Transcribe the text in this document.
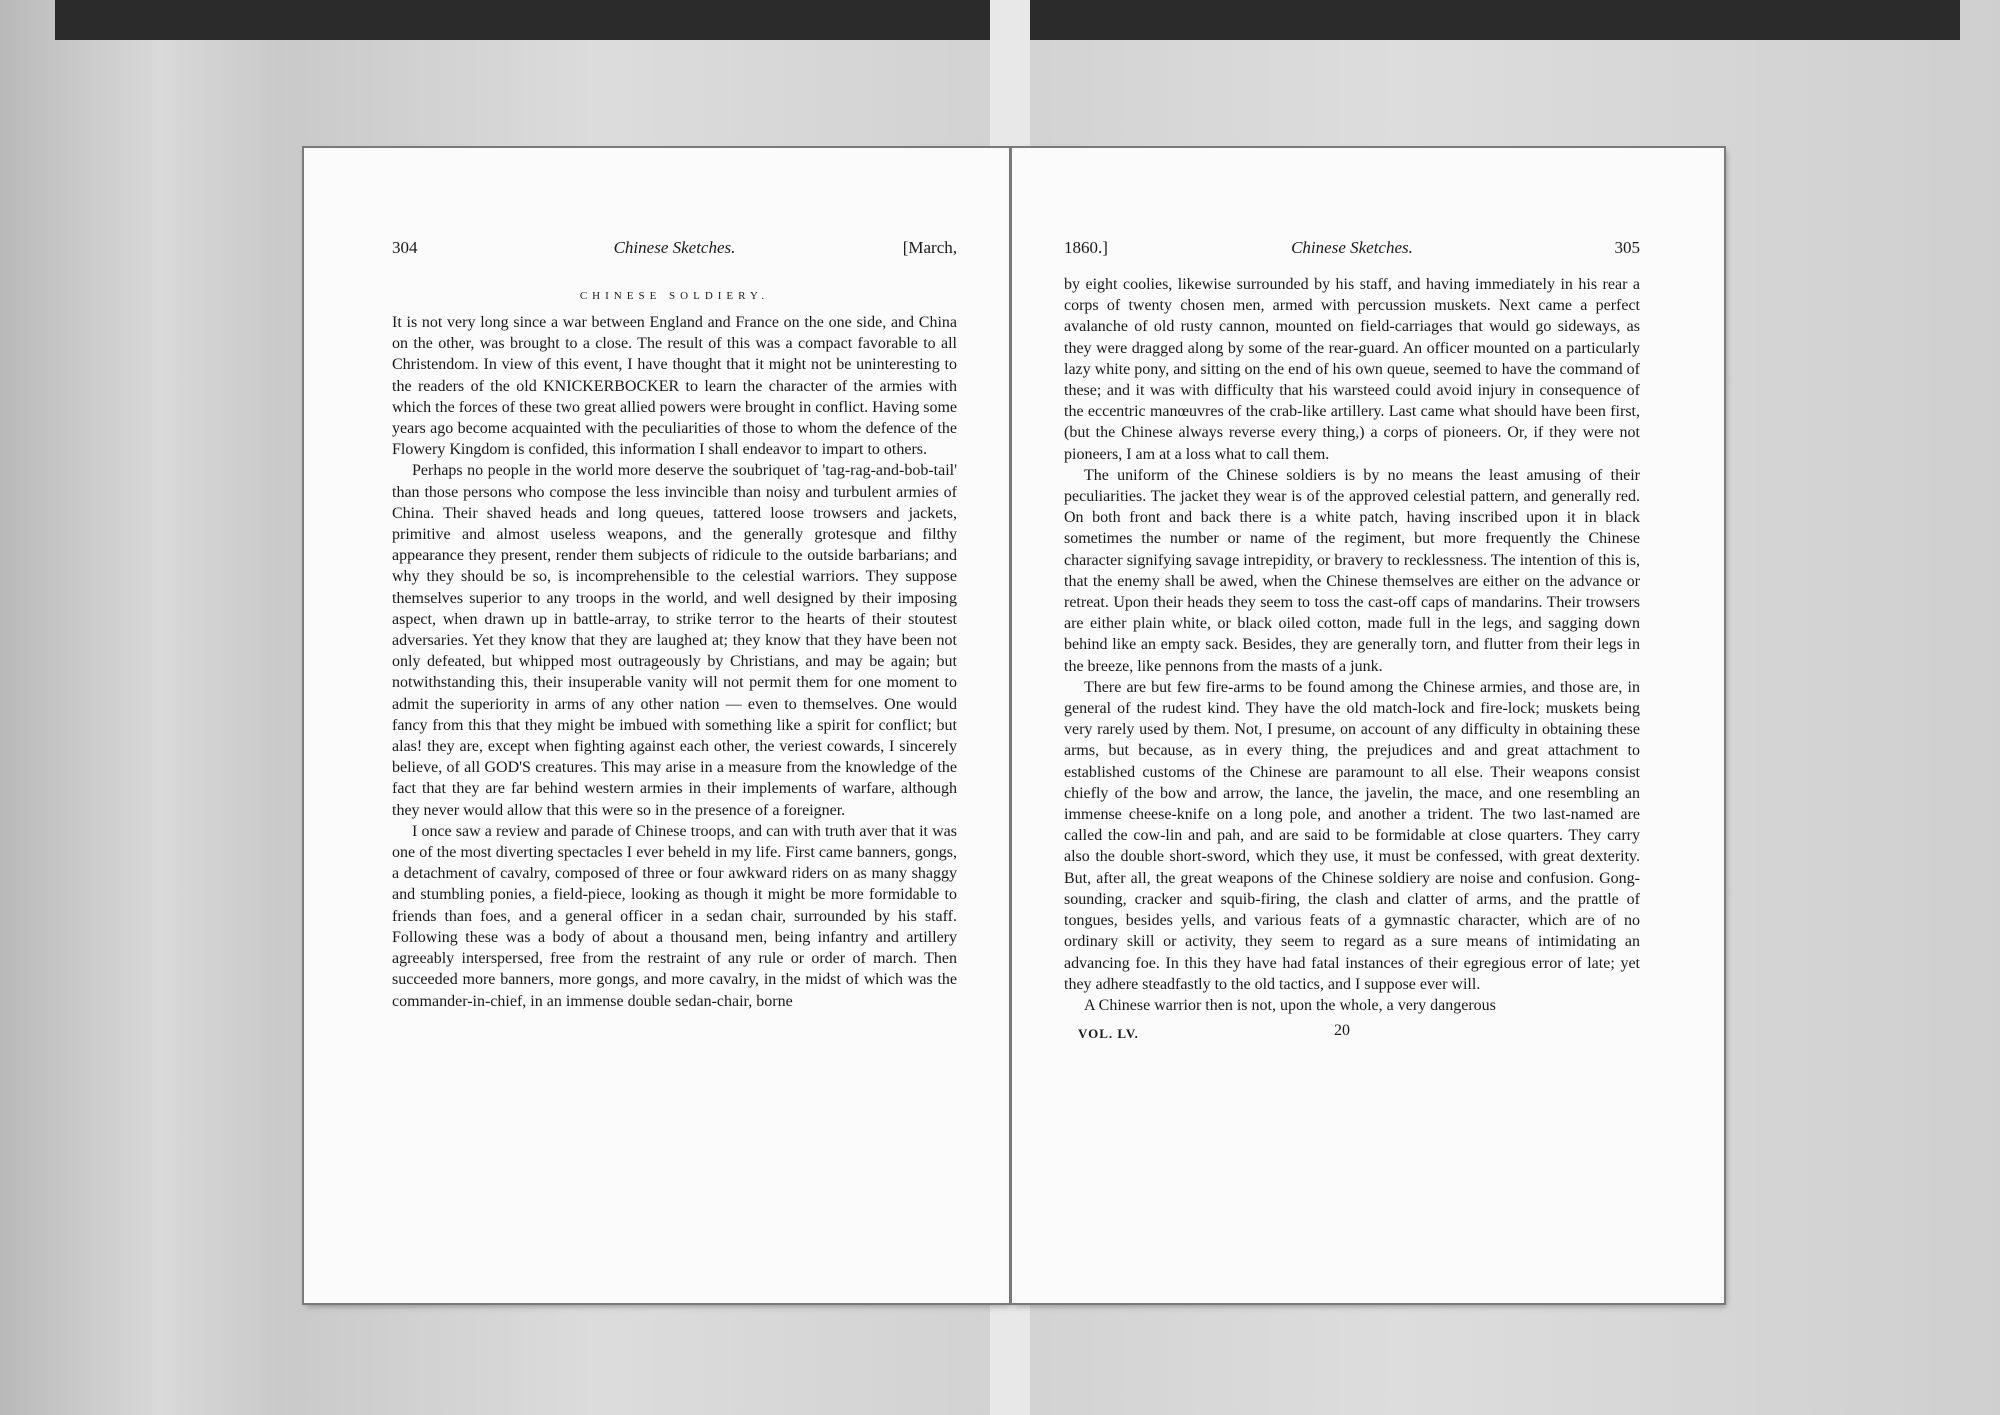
304	Chinese Sketches.	[March,
CHINESE SOLDIERY.

It is not very long since a war between England and France on the one side, and China on the other, was brought to a close. The result of this was a compact favorable to all Christendom. In view of this event, I have thought that it might not be uninteresting to the readers of the old KNICKERBOCKER to learn the character of the armies with which the forces of these two great allied powers were brought in conflict. Having some years ago become acquainted with the peculiarities of those to whom the defence of the Flowery Kingdom is confided, this information I shall endeavor to impart to others.

Perhaps no people in the world more deserve the soubriquet of 'tag-rag-and-bob-tail' than those persons who compose the less invincible than noisy and turbulent armies of China. Their shaved heads and long queues, tattered loose trowsers and jackets, primitive and almost useless weapons, and the generally grotesque and filthy appearance they present, render them subjects of ridicule to the outside barbarians; and why they should be so, is incomprehensible to the celestial warriors. They suppose themselves superior to any troops in the world, and well designed by their imposing aspect, when drawn up in battle-array, to strike terror to the hearts of their stoutest adversaries. Yet they know that they are laughed at; they know that they have been not only defeated, but whipped most outrageously by Christians, and may be again; but notwithstanding this, their insuperable vanity will not permit them for one moment to admit the superiority in arms of any other nation — even to themselves. One would fancy from this that they might be imbued with something like a spirit for conflict; but alas! they are, except when fighting against each other, the veriest cowards, I sincerely believe, of all GOD'S creatures. This may arise in a measure from the knowledge of the fact that they are far behind western armies in their implements of warfare, although they never would allow that this were so in the presence of a foreigner.

I once saw a review and parade of Chinese troops, and can with truth aver that it was one of the most diverting spectacles I ever beheld in my life. First came banners, gongs, a detachment of cavalry, composed of three or four awkward riders on as many shaggy and stumbling ponies, a field-piece, looking as though it might be more formidable to friends than foes, and a general officer in a sedan chair, surrounded by his staff. Following these was a body of about a thousand men, being infantry and artillery agreeably interspersed, free from the restraint of any rule or order of march. Then succeeded more banners, more gongs, and more cavalry, in the midst of which was the commander-in-chief, in an immense double sedan-chair, borne

1860.]	Chinese Sketches.	305

by eight coolies, likewise surrounded by his staff, and having immediately in his rear a corps of twenty chosen men, armed with percussion muskets. Next came a perfect avalanche of old rusty cannon, mounted on field-carriages that would go sideways, as they were dragged along by some of the rear-guard. An officer mounted on a particularly lazy white pony, and sitting on the end of his own queue, seemed to have the command of these; and it was with difficulty that his warsteed could avoid injury in consequence of the eccentric manœuvres of the crab-like artillery. Last came what should have been first, (but the Chinese always reverse every thing,) a corps of pioneers. Or, if they were not pioneers, I am at a loss what to call them.

The uniform of the Chinese soldiers is by no means the least amusing of their peculiarities. The jacket they wear is of the approved celestial pattern, and generally red. On both front and back there is a white patch, having inscribed upon it in black sometimes the number or name of the regiment, but more frequently the Chinese character signifying savage intrepidity, or bravery to recklessness. The intention of this is, that the enemy shall be awed, when the Chinese themselves are either on the advance or retreat. Upon their heads they seem to toss the cast-off caps of mandarins. Their trowsers are either plain white, or black oiled cotton, made full in the legs, and sagging down behind like an empty sack. Besides, they are generally torn, and flutter from their legs in the breeze, like pennons from the masts of a junk.

There are but few fire-arms to be found among the Chinese armies, and those are, in general of the rudest kind. They have the old match-lock and fire-lock; muskets being very rarely used by them. Not, I presume, on account of any difficulty in obtaining these arms, but because, as in every thing, the prejudices and and great attachment to established customs of the Chinese are paramount to all else. Their weapons consist chiefly of the bow and arrow, the lance, the javelin, the mace, and one resembling an immense cheese-knife on a long pole, and another a trident. The two last-named are called the cow-lin and pah, and are said to be formidable at close quarters. They carry also the double short-sword, which they use, it must be confessed, with great dexterity. But, after all, the great weapons of the Chinese soldiery are noise and confusion. Gong-sounding, cracker and squib-firing, the clash and clatter of arms, and the prattle of tongues, besides yells, and various feats of a gymnastic character, which are of no ordinary skill or activity, they seem to regard as a sure means of intimidating an advancing foe. In this they have had fatal instances of their egregious error of late; yet they adhere steadfastly to the old tactics, and I suppose ever will.

A Chinese warrior then is not, upon the whole, a very dangerous

VOL. LV.	20
